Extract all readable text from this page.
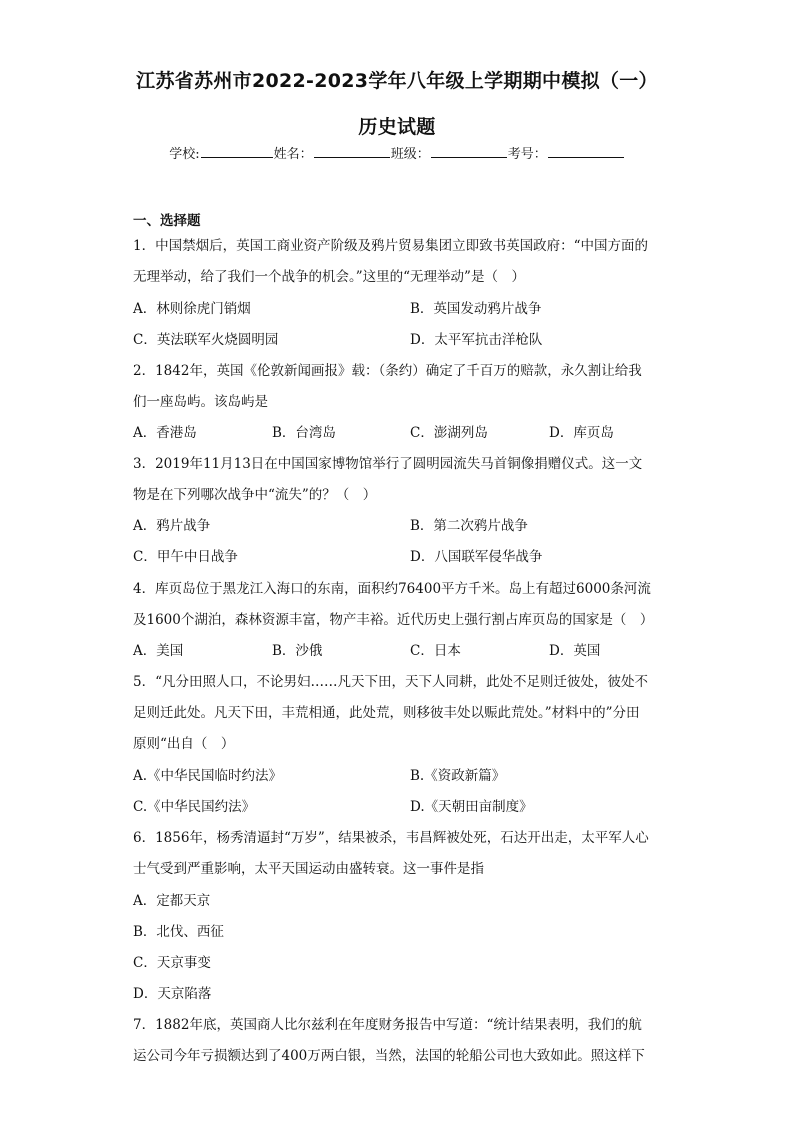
江苏省苏州市2022-2023学年八年级上学期期中模拟（一）
历史试题
学校:	姓名：	班级：	考号：
一、选择题
1．中国禁烟后，英国工商业资产阶级及鸦片贸易集团立即致书英国政府：“中国方面的
无理举动，给了我们一个战争的机会。”这里的“无理举动”是（　）
A．林则徐虎门销烟	B．英国发动鸦片战争
C．英法联军火烧圆明园	D．太平军抗击洋枪队
2．1842年，英国《伦敦新闻画报》载：（条约）确定了千百万的赔款，永久割让给我
们一座岛屿。该岛屿是
A．香港岛	B．台湾岛	C．澎湖列岛	D．库页岛
3．2019年11月13日在中国国家博物馆举行了圆明园流失马首铜像捐赠仪式。这一文
物是在下列哪次战争中“流失”的？（　）
A．鸦片战争	B．第二次鸦片战争
C．甲午中日战争	D．八国联军侵华战争
4．库页岛位于黑龙江入海口的东南，面积约76400平方千米。岛上有超过6000条河流
及1600个湖泊，森林资源丰富，物产丰裕。近代历史上强行割占库页岛的国家是（　）
A．美国	B．沙俄	C．日本	D．英国
5．“凡分田照人口，不论男妇……凡天下田，天下人同耕，此处不足则迁彼处，彼处不
足则迁此处。凡天下田，丰荒相通，此处荒，则移彼丰处以赈此荒处。”材料中的”分田
原则“出自（　）
A.《中华民国临时约法》	B.《资政新篇》
C.《中华民国约法》	D.《天朝田亩制度》
6．1856年，杨秀清逼封“万岁”，结果被杀，韦昌辉被处死，石达开出走，太平军人心
士气受到严重影响，太平天国运动由盛转衰。这一事件是指
A．定都天京
B．北伐、西征
C．天京事变
D．天京陷落
7．1882年底，英国商人比尔兹利在年度财务报告中写道：“统计结果表明，我们的航
运公司今年亏损额达到了400万两白银，当然，法国的轮船公司也大致如此。照这样下
